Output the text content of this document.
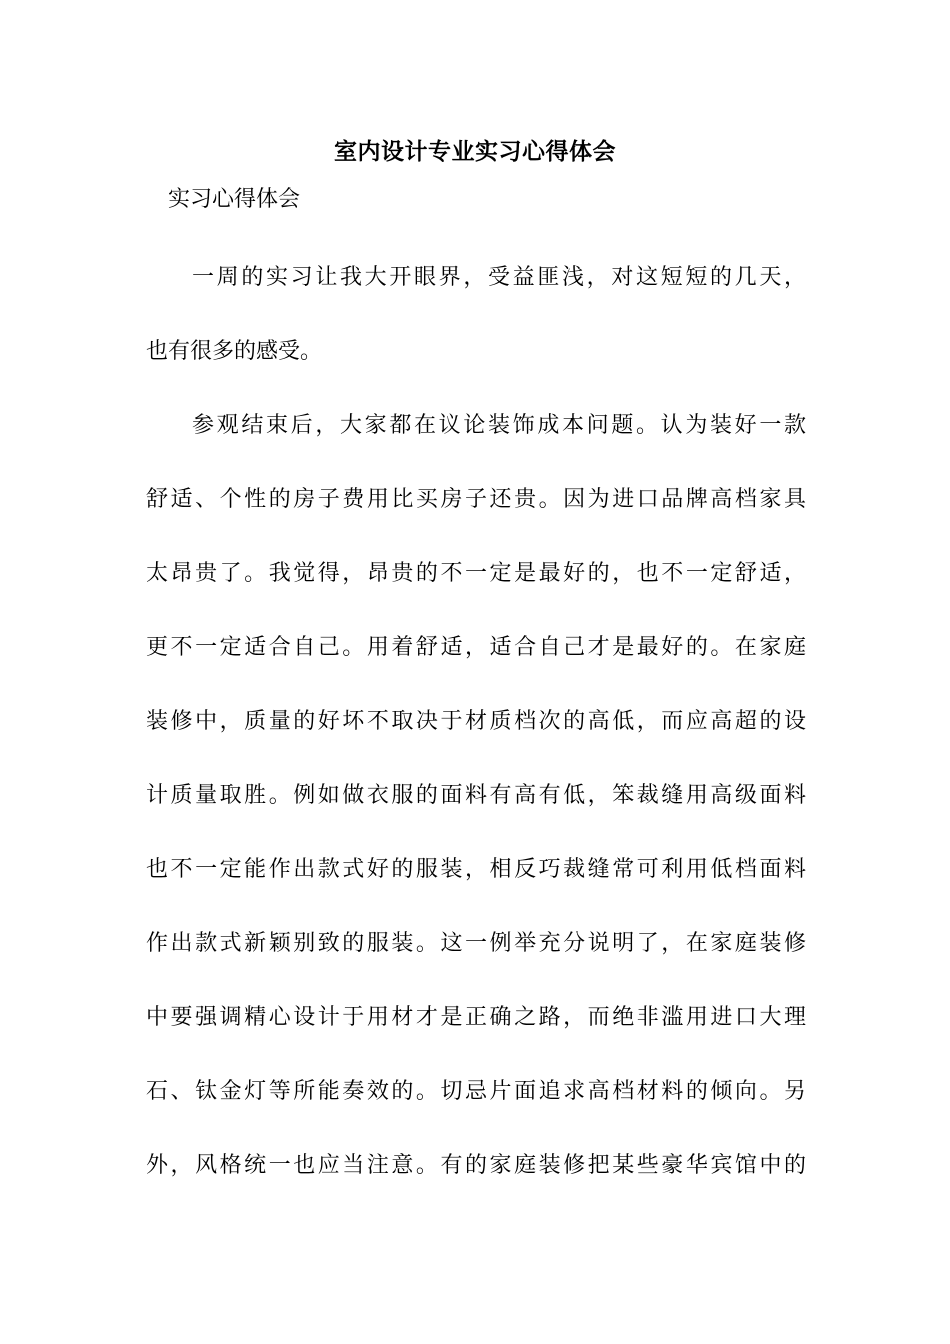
室内设计专业实习心得体会
实习心得体会
一周的实习让我大开眼界，受益匪浅，对这短短的几天，
也有很多的感受。
参观结束后，大家都在议论装饰成本问题。认为装好一款
舒适、个性的房子费用比买房子还贵。因为进口品牌高档家具
太昂贵了。我觉得，昂贵的不一定是最好的，也不一定舒适，
更不一定适合自己。用着舒适，适合自己才是最好的。在家庭
装修中，质量的好坏不取决于材质档次的高低，而应高超的设
计质量取胜。例如做衣服的面料有高有低，笨裁缝用高级面料
也不一定能作出款式好的服装，相反巧裁缝常可利用低档面料
作出款式新颖别致的服装。这一例举充分说明了，在家庭装修
中要强调精心设计于用材才是正确之路，而绝非滥用进口大理
石、钛金灯等所能奏效的。切忌片面追求高档材料的倾向。另
外，风格统一也应当注意。有的家庭装修把某些豪华宾馆中的
